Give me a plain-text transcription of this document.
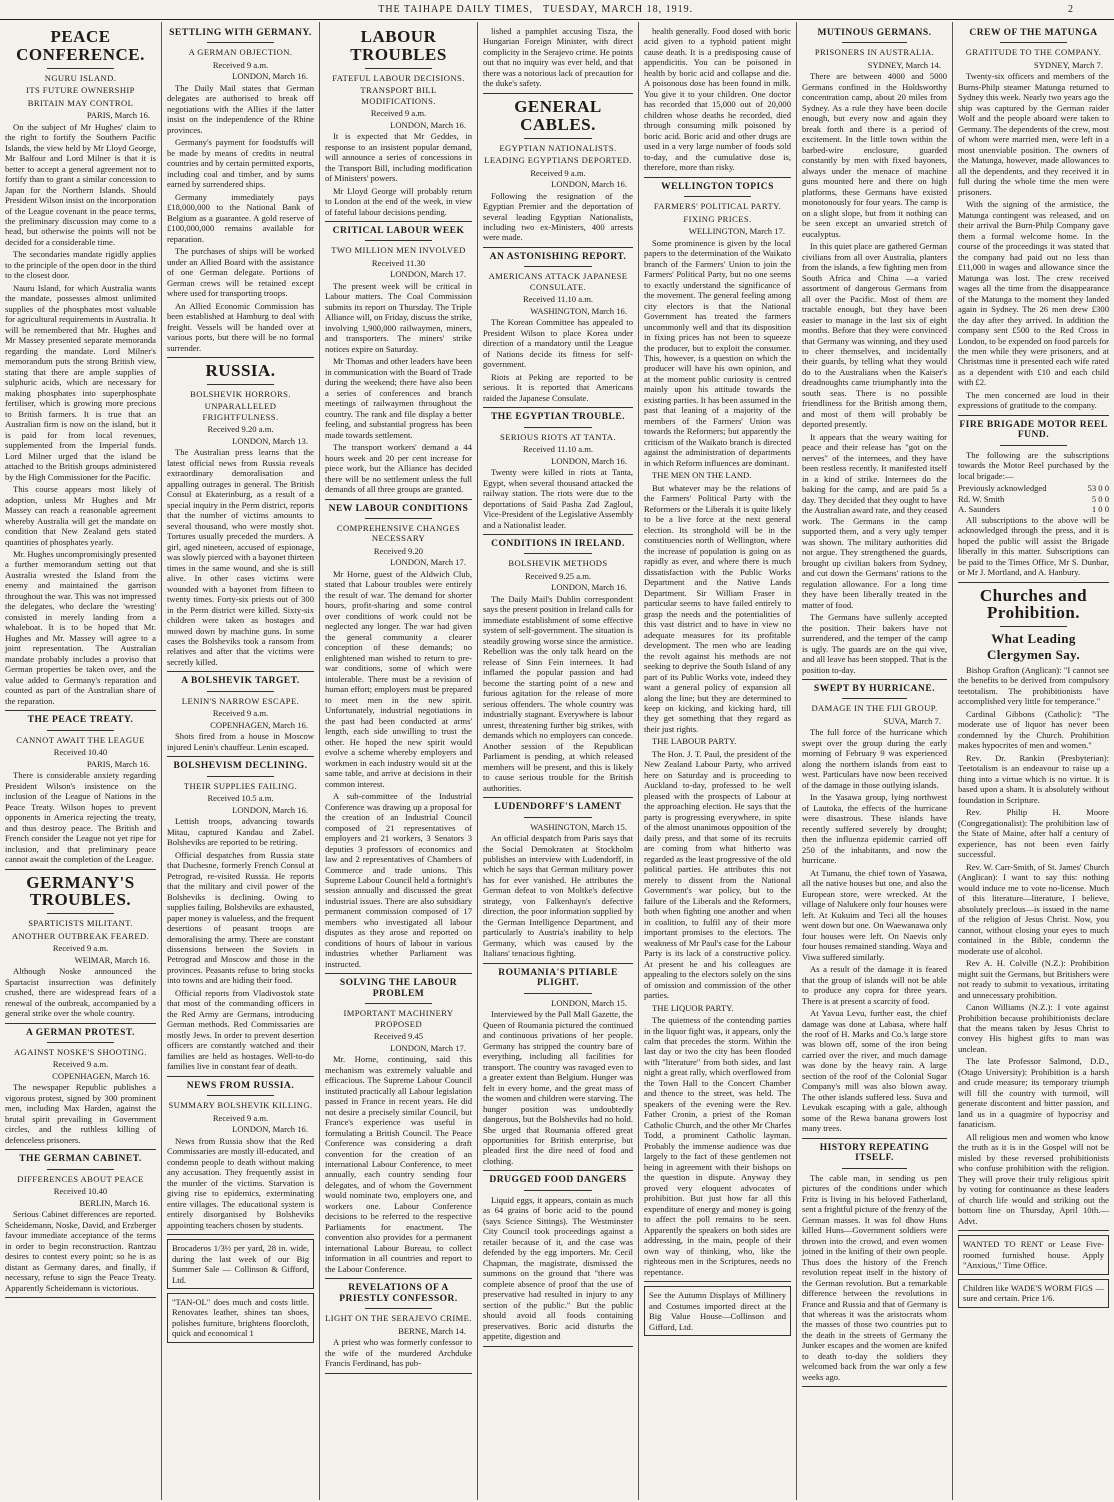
THE TAIHAPE DAILY TIMES,	TUESDAY, MARCH 18, 1919.	2
PEACE CONFERENCE.
NGURU ISLAND.
ITS FUTURE OWNERSHIP
BRITAIN MAY CONTROL
PARIS, March 16.

On the subject of Mr Hughes' claim to the right to fortify the Southern Pacific Islands, the view held by Mr Lloyd George, Mr Balfour and Lord Milner is that it is better to accept a general agreement not to fortify than to grant a similar concession to Japan for the Northern Islands. Should President Wilson insist on the incorporation of the League covenant in the peace terms, the preliminary discussion may come to a head, but otherwise the points will not be decided for a considerable time.

The secondaries mandate rigidly applies to the principle of the open door in the third to the closest door.

Nauru Island, for which Australia wants the mandate, possesses almost unlimited supplies of the phosphates most valuable for agricultural requirements in Australia. It will be remembered that Mr. Hughes and Mr Massey presented separate memoranda regarding the mandate. Lord Milner's memorandum puts the strong British view, stating that there are ample supplies of sulphuric acids, which are necessary for making phosphates into superphosphate fertiliser, which is growing more precious to British farmers. It is true that an Australian firm is now on the island, but it is paid for from local revenues, supplemented from the Imperial funds. Lord Milner urged that the island be attached to the British groups administered by the High Commissioner for the Pacific.

This course appears most likely of adoption, unless Mr Hughes and Mr Massey can reach a reasonable agreement whereby Australia will get the mandate on condition that New Zealand gets stated quantities of phosphates yearly.

Mr. Hughes uncompromisingly presented a further memorandum setting out that Australia wrested the Island from the enemy and maintained the garrison throughout the war. This was not impressed the delegates, who declare the 'wresting' consisted in merely landing from a whaleboat. It is to be hoped that Mr. Hughes and Mr. Massey will agree to a joint representation. The Australian mandate probably includes a proviso that German properties be taken over, and the value added to Germany's reparation and counted as part of the Australian share of the reparation.

THE PEACE TREATY.
CANNOT AWAIT THE LEAGUE
Received 10.40
PARIS, March 16.

There is considerable anxiety regarding President Wilson's insistence on the inclusion of the League of Nations in the Peace Treaty. Wilson hopes to prevent opponents in America rejecting the treaty, and thus destroy peace. The British and French consider the League not yet ripe for inclusion, and that preliminary peace cannot await the completion of the League.

GERMANY'S TROUBLES.
SPARTICISTS MILITANT.
ANOTHER OUTBREAK FEARED.
Received 9 a.m.
WEIMAR, March 16.

Although Noske announced the Spartacist insurrection was definitely crushed, there are widespread fears of a renewal of the outbreak, accompanied by a general strike over the whole country.

A GERMAN PROTEST.
AGAINST NOSKE'S SHOOTING.
Received 9 a.m.
COPENHAGEN, March 16.

The newspaper Republic publishes a vigorous protest, signed by 300 prominent men, including Max Harden, against the brutal spirit prevailing in Government circles, and the ruthless killing of defenceless prisoners.

THE GERMAN CABINET.
DIFFERENCES ABOUT PEACE
Received 10.40
BERLIN, March 16.

Serious Cabinet differences are reported. Scheidemann, Noske, David, and Erzberger favour immediate acceptance of the terms in order to begin reconstruction. Rantzau desires to contest every point; so he is as distant as Germany dares, and finally, if necessary, refuse to sign the Peace Treaty. Apparently Scheidemann is victorious.

SETTLING WITH GERMANY.
A GERMAN OBJECTION.
Received 9 a.m.
LONDON, March 16.

The Daily Mail states that German delegates are authorised to break off negotiations with the Allies if the latter insist on the independence of the Rhine provinces.

Germany's payment for foodstuffs will be made by means of credits in neutral countries and by certain permitted exports, including coal and timber, and by sums earned by surrendered ships.

Germany immediately pays £18,000,000 to the National Bank of Belgium as a guarantee. A gold reserve of £100,000,000 remains available for reparation.

The purchases of ships will be worked under an Allied Board with the assistance of one German delegate. Portions of German crews will be retained except where used for transporting troops.

An Allied Economic Commission has been established at Hamburg to deal with freight. Vessels will be handed over at various ports, but there will be no formal surrender.

RUSSIA.
BOLSHEVIK HORRORS.
UNPARALLELED FRIGHTFULNESS.
Received 9.20 a.m.
LONDON, March 13.

The Australian press learns that the latest official news from Russia reveals extraordinary demoralisation and appalling outrages in general. The British Consul at Ekaterinburg, as a result of a special inquiry in the Perm district, reports that the number of victims amounts to several thousand, who were mostly shot. Tortures usually preceded the murders. A girl, aged nineteen, accused of espionage, was slowly pierced with a bayonet thirteen times in the same wound, and she is still alive. In other cases victims were wounded with a bayonet from fifteen to twenty times. Forty-six priests out of 300 in the Perm district were killed. Sixty-six children were taken as hostages and mowed down by machine guns. In some cases the Bolsheviks took a ransom from relatives and after that the victims were secretly killed.

A BOLSHEVIK TARGET.
LENIN'S NARROW ESCAPE.
Received 9 a.m.
COPENHAGEN, March 16.

Shots fired from a house in Moscow injured Lenin's chauffeur. Lenin escaped.

BOLSHEVISM DECLINING.
THEIR SUPPLIES FAILING.
Received 10.5 a.m.
LONDON, March 16.

Lettish troops, advancing towards Mitau, captured Kandau and Zabel. Bolsheviks are reported to be retiring.

Official despatches from Russia state that Duchesne, formerly French Consul at Petrograd, re-visited Russia. He reports that the military and civil power of the Bolsheviks is declining. Owing to supplies failing, Bolsheviks are exhausted, paper money is valueless, and the frequent desertions of peasant troops are demoralising the army. There are constant dissensions between the Soviets in Petrograd and Moscow and those in the provinces. Peasants refuse to bring stocks into towns and are hiding their food.

Official reports from Vladivostok state that most of the commanding officers in the Red Army are Germans, introducing German methods. Red Commissaries are mostly Jews. In order to prevent desertion officers are constantly watched and their families are held as hostages. Well-to-do families live in constant fear of death.

NEWS FROM RUSSIA.
SUMMARY BOLSHEVIK KILLING.
Received 9 a.m.
LONDON, March 16.

News from Russia show that the Red Commissaries are mostly ill-educated, and condemn people to death without making any accusation. They frequently assist in the murder of the victims. Starvation is giving rise to epidemics, exterminating entire villages. The educational system is entirely disorganised by Bolsheviks appointing teachers chosen by students.

Brocaderos 1/3½ per yard, 28 in. wide, during the last week of our Big Summer Sale — Collinson & Gifford, Ltd.
"TAN-OL" does much and costs little. Renovates leather, shines tan shoes, polishes furniture, brightens floorcloth, quick and economical 1
LABOUR TROUBLES
FATEFUL LABOUR DECISIONS.
TRANSPORT BILL MODIFICATIONS.
Received 9 a.m.
LONDON, March 16.

It is expected that Mr Geddes, in response to an insistent popular demand, will announce a series of concessions in the Transport Bill, including modification of Ministers' powers.

Mr Lloyd George will probably return to London at the end of the week, in view of fateful labour decisions pending.

CRITICAL LABOUR WEEK
TWO MILLION MEN INVOLVED
Received 11.30
LONDON, March 17.

The present week will be critical in Labour matters. The Coal Commission submits its report on Thursday. The Triple Alliance will, on Friday, discuss the strike, involving 1,900,000 railwaymen, miners, and transporters. The miners' strike notices expire on Saturday.

Mr Thomas and other leaders have been in communication with the Board of Trade during the weekend; there have also been a series of conferences and branch meetings of railwaymen throughout the country. The rank and file display a better feeling, and substantial progress has been made towards settlement.

The transport workers' demand a 44 hours week and 20 per cent increase for piece work, but the Alliance has decided there will be no settlement unless the full demands of all three groups are granted.

NEW LABOUR CONDITIONS
COMPREHENSIVE CHANGES NECESSARY
Received 9.20
LONDON, March 17.

Mr Horne, guest of the Aldwich Club, stated that Labour troubles were entirely the result of war. The demand for shorter hours, profit-sharing and some control over conditions of work could not be neglected any longer. The war had given the general community a clearer conception of these demands; no enlightened man wished to return to pre-war conditions, some of which were intolerable. There must be a revision of human effort; employers must be prepared to meet men in the new spirit. Unfortunately, industrial negotiations in the past had been conducted at arms' length, each side unwilling to trust the other. He hoped the new spirit would evolve a scheme whereby employers and workmen in each industry would sit at the same table, and arrive at decisions in their common interest.

A sub-committee of the Industrial Conference was drawing up a proposal for the creation of an Industrial Council composed of 21 representatives of employers and 21 workers, 3 Senators 3 deputies 3 professors of economics and law and 2 representatives of Chambers of Commerce and trade unions. This Supreme Labour Council held a fortnight's session annually and discussed the great industrial issues. There are also subsidiary permanent commission composed of 17 members who investigated all labour disputes as they arose and reported on conditions of hours of labour in various industries whether Parliament was instructed.

SOLVING THE LABOUR PROBLEM
IMPORTANT MACHINERY PROPOSED
Received 9.45
LONDON, March 17.

Mr. Horne, continuing, said this mechanism was extremely valuable and efficacious. The Supreme Labour Council instituted practically all Labour legislation passed in France in recent years. He did not desire a precisely similar Council, but France's experience was useful in formulating a British Council. The Peace Conference was considering a draft convention for the creation of an international Labour Conference, to meet annually, each country sending four delegates, and of whom the Government would nominate two, employers one, and workers one. Labour Conference decisions to be referred to the respective Parliaments for enactment. The convention also provides for a permanent international Labour Bureau, to collect information in all countries and report to the Labour Conference.

REVELATIONS OF A PRIESTLY CONFESSOR.
LIGHT ON THE SERAJEVO CRIME.
BERNE, March 14.

A priest who was formerly confessor to the wife of the murdered Archduke Francis Ferdinand, has pub-

lished a pamphlet accusing Tisza, the Hungarian Foreign Minister, with direct complicity in the Serajevo crime. He points out that no inquiry was ever held, and that there was a notorious lack of precaution for the duke's safety.

GENERAL CABLES.
EGYPTIAN NATIONALISTS.
LEADING EGYPTIANS DEPORTED.
Received 9 a.m.
LONDON, March 16.

Following the resignation of the Egyptian Premier and the deportation of several leading Egyptian Nationalists, including two ex-Ministers, 400 arrests were made.

AN ASTONISHING REPORT.
AMERICANS ATTACK JAPANESE CONSULATE.
Received 11.10 a.m.
WASHINGTON, March 16.

The Korean Committee has appealed to President Wilson to place Korea under direction of a mandatory until the League of Nations decide its fitness for self-government.

Riots at Peking are reported to be serious. It is reported that Americans raided the Japanese Consulate.

THE EGYPTIAN TROUBLE.
SERIOUS RIOTS AT TANTA.
Received 11.10 a.m.
LONDON, March 16.

Twenty were killed in riots at Tanta, Egypt, when several thousand attacked the railway station. The riots were due to the deportations of Said Pasha Zad Zagloul, Vice-President of the Legislative Assembly and a Nationalist leader.

CONDITIONS IN IRELAND.
BOLSHEVIK METHODS
Received 9.25 a.m.
LONDON, March 16.

The Daily Mail's Dublin correspondent says the present position in Ireland calls for immediate establishment of some effective system of self-government. The situation is steadily growing worse since the armistice. Rebellion was the only talk heard on the release of Sinn Fein internees. It had inflamed the popular passion and had become the starting point of a new and furious agitation for the release of more serious offenders. The whole country was industrially stagnant. Everywhere is labour unrest, threatening further big strikes, with demands which no employers can concede. Another session of the Republican Parliament is pending, at which released members will be present, and this is likely to cause serious trouble for the British authorities.

LUDENDORFF'S LAMENT
WASHINGTON, March 15.

An official despatch from Paris says that the Social Demokraten at Stockholm publishes an interview with Ludendorff, in which he says that German military power has for ever vanished. He attributes the German defeat to von Moltke's defective strategy, von Falkenhayn's defective direction, the poor information supplied by the German Intelligence Department, and particularly to Austria's inability to help Germany, which was caused by the Italians' tenacious fighting.

ROUMANIA'S PITIABLE PLIGHT.
LONDON, March 15.

Interviewed by the Pall Mall Gazette, the Queen of Roumania pictured the continued and continuous privations of her people. Germany has stripped the country bare of everything, including all facilities for transport. The country was ravaged even to a greater extent than Belgium. Hunger was felt in every home, and the great mass of the women and children were starving. The hunger position was undoubtedly dangerous, but the Bolsheviks had no hold. She urged that Roumania offered great opportunities for British enterprise, but pleaded first the dire need of food and clothing.

DRUGGED FOOD DANGERS

Liquid eggs, it appears, contain as much as 64 grains of boric acid to the pound (says Science Sittings). The Westminster City Council took proceedings against a retailer because of it, and the case was defended by the egg importers. Mr. Cecil Chapman, the magistrate, dismissed the summons on the ground that "there was complete absence of proof that the use of preservative had resulted in injury to any section of the public." But the public should avoid all foods containing preservatives. Boric acid disturbs the appetite, digestion and

health generally. Food dosed with boric acid given to a typhoid patient might cause death. It is a predisposing cause of appendicitis. You can be poisoned in health by boric acid and collapse and die. A poisonous dose has been found in milk. You give it to your children. One doctor has recorded that 15,000 out of 20,000 children whose deaths he recorded, died through consuming milk poisoned by boric acid. Boric acid and other drugs are used in a very large number of foods sold to-day, and the cumulative dose is, therefore, more than risky.

WELLINGTON TOPICS
FARMERS' POLITICAL PARTY.
FIXING PRICES.
WELLINGTON, March 17.

Some prominence is given by the local papers to the determination of the Waikato branch of the Farmers' Union to join the Farmers' Political Party, but no one seems to exactly understand the significance of the movement. The general feeling among city electors is that the National Government has treated the farmers uncommonly well and that its disposition in fixing prices has not been to squeeze the producer, but to exploit the consumer. This, however, is a question on which the producer will have his own opinion, and at the moment public curiosity is centred mainly upon his attitude towards the existing parties. It has been assumed in the past that leaning of a majority of the members of the Farmers' Union was towards the Reformers; but apparently the criticism of the Waikato branch is directed against the administration of departments in which Reform influences are dominant.

THE MEN ON THE LAND.

But whatever may be the relations of the Farmers' Political Party with the Reformers or the Liberals it is quite likely to be a live force at the next general election. Its stronghold will be in the constituencies north of Wellington, where the increase of population is going on as rapidly as ever, and where there is much dissatisfaction with the Public Works Department and the Native Lands Department. Sir William Fraser in particular seems to have failed entirely to grasp the needs and the potentialities of this vast district and to have in view no adequate measures for its profitable development. The men who are leading the revolt against his methods are not seeking to deprive the South Island of any part of its Public Works vote, indeed they want a general policy of expansion all along the line; but they are determined to keep on kicking, and kicking hard, till they get something that they regard as their just rights.

THE LABOUR PARTY.

The Hon. J. T. Paul, the president of the New Zealand Labour Party, who arrived here on Saturday and is proceeding to Auckland to-day, professed to be well pleased with the prospects of Labour at the approaching election. He says that the party is progressing everywhere, in spite of the almost unanimous opposition of the daily press, and that some of its recruits are coming from what hitherto was regarded as the least progressive of the old political parties. He attributes this not merely to dissent from the National Government's war policy, but to the failure of the Liberals and the Reformers, both when fighting one another and when in coalition, to fulfil any of their more important promises to the electors. The weakness of Mr Paul's case for the Labour Party is its lack of a constructive policy. At present he and his colleagues are appealing to the electors solely on the sins of omission and commission of the other parties.

THE LIQUOR PARTY.

The quietness of the contending parties in the liquor fight was, it appears, only the calm that precedes the storm. Within the last day or two the city has been flooded with "literature" from both sides, and last night a great rally, which overflowed from the Town Hall to the Concert Chamber and thence to the street, was held. The speakers of the evening were the Rev. Father Cronin, a priest of the Roman Catholic Church, and the other Mr Charles Todd, a prominent Catholic layman. Probably the immense audience was due largely to the fact of these gentlemen not being in agreement with their bishops on the question in dispute. Anyway they proved very eloquent advocates of prohibition. But just how far all this expenditure of energy and money is going to affect the poll remains to be seen. Apparently the speakers on both sides are addressing, in the main, people of their own way of thinking, who, like the righteous men in the Scriptures, needs no repentance.

See the Autumn Displays of Millinery and Costumes imported direct at the Big Value House—Collinson and Gifford, Ltd.
MUTINOUS GERMANS.
PRISONERS IN AUSTRALIA.
SYDNEY, March 14.

There are between 4000 and 5000 Germans confined in the Holdsworthy concentration camp, about 20 miles from Sydney. As a rule they have been docile enough, but every now and again they break forth and there is a period of excitement. In the little town within the barbed-wire enclosure, guarded constantly by men with fixed bayonets, always under the menace of machine guns mounted here and there on high platforms, these Germans have existed monotonously for four years. The camp is on a slight slope, but from it nothing can be seen except an unvaried stretch of eucalyptus.

In this quiet place are gathered German civilians from all over Australia, planters from the islands, a few fighting men from South Africa and China —a varied assortment of dangerous Germans from all over the Pacific. Most of them are tractable enough, but they have been easier to manage in the last six of eight months. Before that they were convinced that Germany was winning, and they used to cheer themselves, and incidentally their guards, by telling what they would do to the Australians when the Kaiser's dreadnoughts came triumphantly into the south seas. There is no possible friendliness for the British among them, and most of them will probably be deported presently.

It appears that the weary waiting for peace and their release has "got on the nerves" of the internees, and they have been restless recently. It manifested itself in a kind of strike. Internees do the baking for the camp, and are paid 5s a day. They decided that they ought to have the Australian award rate, and they ceased work. The Germans in the camp supported them, and a very ugly temper was shown. The military authorities did not argue. They strengthened the guards, brought up civilian bakers from Sydney, and cut down the Germans' rations to the regulation allowance. For a long time they have been liberally treated in the matter of food.

The Germans have sullenly accepted the position. Their bakers have not surrendered, and the temper of the camp is ugly. The guards are on the qui vive, and all leave has been stopped. That is the position to-day.

SWEPT BY HURRICANE.
DAMAGE IN THE FIJI GROUP.
SUVA, March 7.

The full force of the hurricane which swept over the group during the early morning of February 9 was experienced along the northern islands from east to west. Particulars have now been received of the damage in those outlying islands.

In the Yasawa group, lying northwest of Lautoka, the effects of the hurricane were disastrous. These islands have recently suffered severely by drought; then the influenza epidemic carried off 250 of the inhabitants, and now the hurricane.

At Tumanu, the chief town of Yasawa, all the native houses but one, and also the European store, were wrecked. At the village of Nalukere only four houses were left. At Kukuim and Teci all the houses went down but one. On Waewanawa only four houses were left. On Naevis only four houses remained standing. Waya and Viwa suffered similarly.

As a result of the damage it is feared that the group of islands will not be able to produce any copra for three years. There is at present a scarcity of food.

At Yavua Levu, further east, the chief damage was done at Labasa, where half the roof of H. Marks and Co.'s large store was blown off, some of the iron being carried over the river, and much damage was done by the heavy rain. A large section of the roof of the Colonial Sugar Company's mill was also blown away. The other islands suffered less. Suva and Levukak escaping with a gale, although some of the Rewa banana growers lost many trees.

HISTORY REPEATING ITSELF.

The cable man, in sending us pen pictures of the conditions under which Fritz is living in his beloved Fatherland, sent a frightful picture of the frenzy of the German masses. It was fol dhow Huns killed Huns—Government soldiers were thrown into the crowd, and even women joined in the knifing of their own people. Thus does the history of the French revolution repeat itself in the history of the German revolution. But a remarkable difference between the revolutions in France and Russia and that of Germany is that whereas it was the aristocrats whom the masses of those two countries put to the death in the streets of Germany the Junker escapes and the women are knifed to death to-day the soldiers they welcomed back from the war only a few weeks ago.

CREW OF THE MATUNGA
GRATITUDE TO THE COMPANY.
SYDNEY, March 7.

Twenty-six officers and members of the Burns-Philp steamer Matunga returned to Sydney this week. Nearly two years ago the ship was captured by the German raider Wolf and the people aboard were taken to Germany. The dependents of the crew, most of whom were married men, were left in a most unenviable position. The owners of the Matunga, however, made allowances to all the dependents, and they received it in full during the whole time the men were prisoners.

With the signing of the armistice, the Matunga contingent was released, and on their arrival the Burn-Philp Company gave them a formal welcome home. In the course of the proceedings it was stated that the company had paid out no less than £11,000 in wages and allowance since the Matunga was lost. The crew received wages all the time from the disappearance of the Matunga to the moment they landed again in Sydney. The 26 men drew £300 the day after they arrived. In addition the company sent £500 to the Red Cross in London, to be expended on food parcels for the men while they were prisoners, and at Christmas time it presented each wife rated as a dependent with £10 and each child with £2.

The men concerned are loud in their expressions of gratitude to the company.

FIRE BRIGADE MOTOR REEL FUND.

The following are the subscriptions towards the Motor Reel purchased by the local brigade:—

Previously acknowledged	53 0 0
Rd. W. Smith	5 0 0
A. Saunders	1 0 0

All subscriptions to the above will be acknowledged through the press, and it is hoped the public will assist the Brigade liberally in this matter. Subscriptions can be paid to the Times Office, Mr S. Dunbar, or Mr J. Mortland, and A. Hanbury.

Churches and Prohibition.
What Leading Clergymen Say.

Bishop Grafton (Anglican): "I cannot see the benefits to be derived from compulsory teetotalism. The prohibitionists have accomplished very little for temperance."

Cardinal Gibbons (Catholic): "The moderate use of liquor has never been condemned by the Church. Prohibition makes hypocrites of men and women."

Rev. Dr. Rankin (Presbyterian): Teetotalism is an endeavour to raise up a thing into a virtue which is no virtue. It is based upon a sham. It is absolutely without foundation in Scripture.

Rev. Philip H. Moore (Congregationalist): The prohibition law of the State of Maine, after half a century of experience, has not been even fairly successful.

Rev. W. Carr-Smith, of St. James' Church (Anglican): I want to say this: nothing would induce me to vote no-license. Much of this literature—literature, I believe, absolutely preclous—is issued in the name of the religion of Jesus Christ. Now, you cannot, without closing your eyes to much contained in the Bible, condemn the moderate use of alcohol.

Rev A. H. Colville (N.Z.): Prohibition might suit the Germans, but Britishers were not ready to submit to vexatious, irritating and unnecessary prohibition.

Canon Williams (N.Z.): I vote against Prohibition because prohibitionists declare that the means taken by Jesus Christ to convey His highest gifts to man was unclean.

The late Professor Salmond, D.D., (Otago University): Prohibition is a harsh and crude measure; its temporary triumph will fill the country with turmoil, will generate discontent and bitter passion, and land us in a quagmire of hypocrisy and fanaticism.

All religious men and women who know the truth as it is in the Gospel will not be misled by these reversed prohibitionists who confuse prohibition with the religion. They will prove their truly religious spirit by voting for continuance as these leaders of church life would and striking out the bottom line on Thursday, April 10th.—Advt.

WANTED TO RENT or Lease Five-roomed furnished house. Apply "Anxious," Time Office.
Children like WADE'S WORM FIGS —sure and certain. Price 1/6.
